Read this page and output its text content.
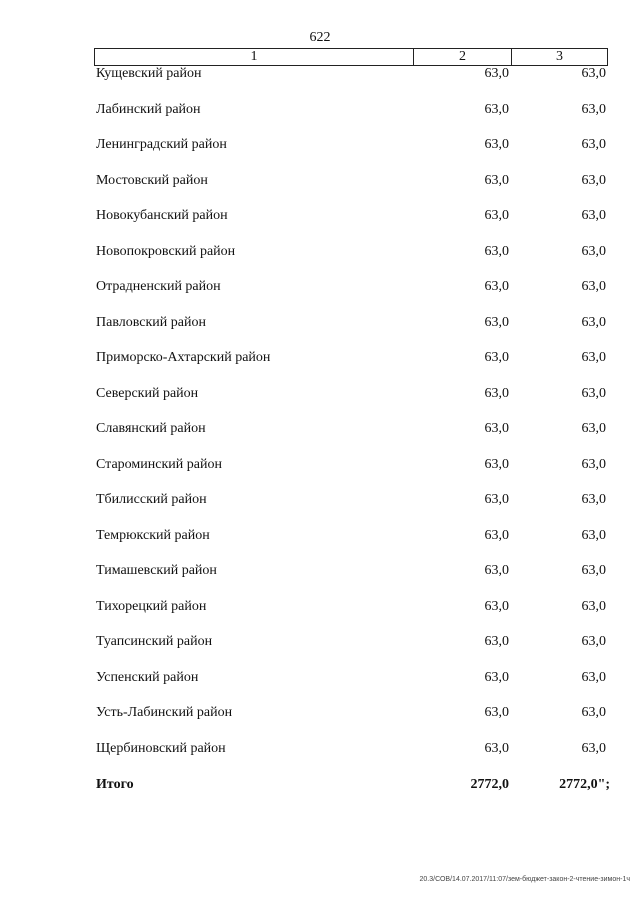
622
1	2	3
Кущевский район	63,0	63,0
Лабинский район	63,0	63,0
Ленинградский район	63,0	63,0
Мостовский район	63,0	63,0
Новокубанский район	63,0	63,0
Новопокровский район	63,0	63,0
Отрадненский район	63,0	63,0
Павловский район	63,0	63,0
Приморско-Ахтарский район	63,0	63,0
Северский район	63,0	63,0
Славянский район	63,0	63,0
Староминский район	63,0	63,0
Тбилисский район	63,0	63,0
Темрюкский район	63,0	63,0
Тимашевский район	63,0	63,0
Тихорецкий район	63,0	63,0
Туапсинский район	63,0	63,0
Успенский район	63,0	63,0
Усть-Лабинский район	63,0	63,0
Щербиновский район	63,0	63,0
Итого	2772,0	2772,0";
20.3/СОВ/14.07.2017/11:07/зем-бюджет-закон-2-чтение-зимон-1ч
